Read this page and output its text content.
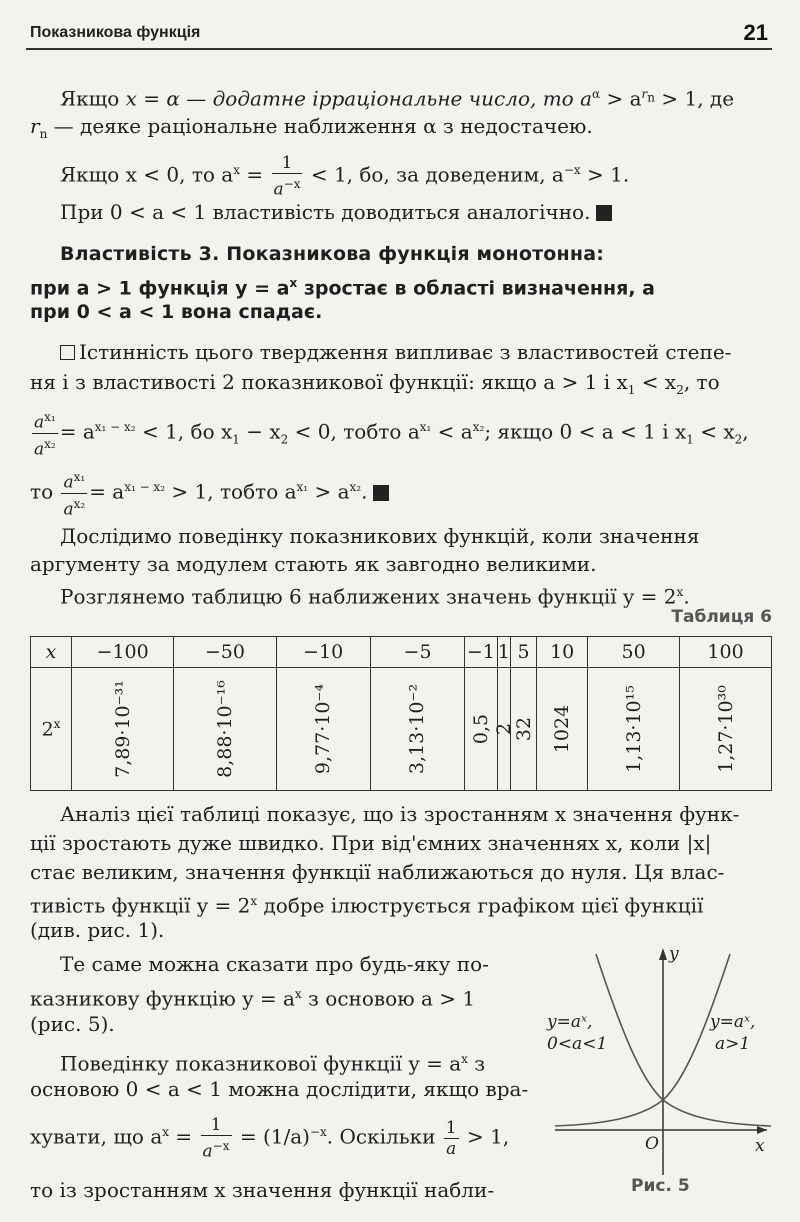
Показникова функцiя	21
Якщо x = α — додатне ірраціональне число, то $a^\alpha > a^{r_n} > 1$, де
$r_n$ — деяке раціональне наближення α з недостачею.
Якщо x < 0, то $a^x = \frac{1}{a^{-x}} < 1$, бо, за доведеним, $a^{-x} > 1$.
При 0 < a < 1 властивість доводиться аналогічно.
Властивість 3. Показникова функція монотонна:
при a > 1 функція $y = a^x$ зростає в області визначення, а
при 0 < a < 1 вона спадає.
Істинність цього твердження випливає з властивостей степе-
ня і з властивості 2 показникової функції: якщо a > 1 і $x_1 < x_2$, то
$\frac{a^{x_1}}{a^{x_2}} = a^{x_1 - x_2} < 1$, бо $x_1 - x_2 < 0$, тобто $a^{x_1} < a^{x_2}$; якщо 0 < a < 1 і $x_1 < x_2$,
то $\frac{a^{x_1}}{a^{x_2}} = a^{x_1 - x_2} > 1$, тобто $a^{x_1} > a^{x_2}$.
Дослідимо поведінку показникових функцій, коли значення
аргументу за модулем стають як завгодно великими.
Розглянемо таблицю 6 наближених значень функції $y = 2^x$.
Таблиця 6
x	−100	−50	−10	−5	−1	1	5	10	50	100
2$^x$	7,89·10⁻³¹	8,88·10⁻¹⁶	9,77·10⁻⁴	3,13·10⁻²	0,5	2	32	1024	1,13·10¹⁵	1,27·10³⁰
Аналіз цієї таблиці показує, що із зростанням x значення функ-
ції зростають дуже швидко. При від'ємних значеннях x, коли |x|
стає великим, значення функції наближаються до нуля. Ця влас-
тивість функції $y = 2^x$ добре ілюструється графіком цієї функції
(див. рис. 1).
Те саме можна сказати про будь-яку по-
казникову функцію $y = a^x$ з основою a > 1
(рис. 5).
Поведінку показникової функції $y = a^x$ з
основою 0 < a < 1 можна дослідити, якщо вра-
хувати, що $a^x = \frac{1}{a^{-x}} = (1/a)^{-x}$. Оскільки $\frac{1}{a} > 1$,
то із зростанням x значення функції набли-
y
x
O
y=aˣ,
0<a<1
y=aˣ,
a>1
Рис. 5
